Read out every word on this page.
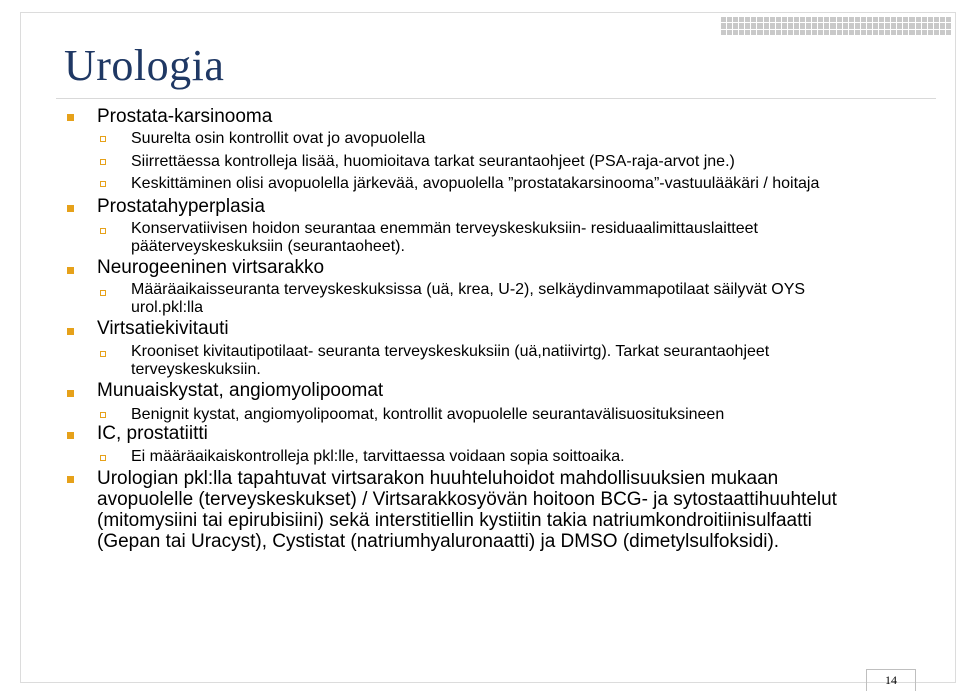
Urologia
Prostata-karsinooma
Suurelta osin kontrollit ovat jo avopuolella
Siirrettäessa kontrolleja lisää, huomioitava tarkat seurantaohjeet (PSA-raja-arvot jne.)
Keskittäminen olisi avopuolella järkevää, avopuolella ”prostatakarsinooma”-vastuulääkäri / hoitaja
Prostatahyperplasia
Konservatiivisen hoidon seurantaa enemmän terveyskeskuksiin- residuaalimittauslaitteet pääterveyskeskuksiin (seurantaoheet).
Neurogeeninen virtsarakko
Määräaikaisseuranta terveyskeskuksissa (uä, krea, U-2), selkäydinvammapotilaat säilyvät OYS urol.pkl:lla
Virtsatiekivitauti
Krooniset kivitautipotilaat- seuranta terveyskeskuksiin (uä,natiivirtg). Tarkat seurantaohjeet terveyskeskuksiin.
Munuaiskystat, angiomyolipoomat
Benignit kystat, angiomyolipoomat, kontrollit avopuolelle seurantavälisuosituksineen
IC, prostatiitti
Ei määräaikaiskontrolleja pkl:lle, tarvittaessa voidaan sopia soittoaika.
Urologian pkl:lla tapahtuvat virtsarakon huuhteluhoidot mahdollisuuksien mukaan avopuolelle (terveyskeskukset) / Virtsarakkosyövän hoitoon BCG- ja sytostaattihuuhtelut (mitomysiini tai epirubisiini) sekä interstitiellin kystiitin takia natriumkondroitiinisulfaatti (Gepan tai Uracyst), Cystistat (natriumhyaluronaatti) ja DMSO (dimetylsulfoksidi).
14
